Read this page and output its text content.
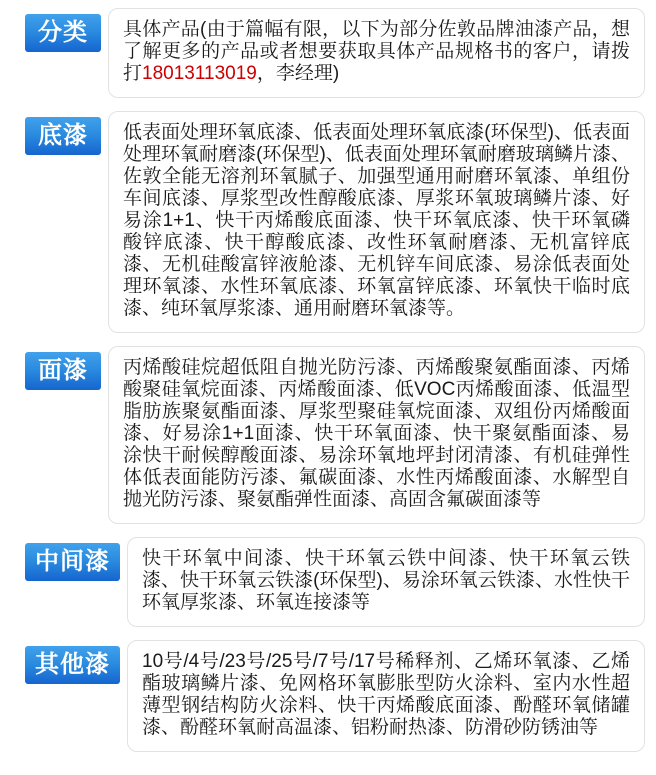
分类	具体产品(由于篇幅有限，以下为部分佐敦品牌油漆产品，想了解更多的产品或者想要获取具体产品规格书的客户，请拨打18013113019，李经理)
底漆	低表面处理环氧底漆、低表面处理环氧底漆(环保型)、低表面处理环氧耐磨漆(环保型)、低表面处理环氧耐磨玻璃鳞片漆、佐敦全能无溶剂环氧腻子、加强型通用耐磨环氧漆、单组份车间底漆、厚浆型改性醇酸底漆、厚浆环氧玻璃鳞片漆、好易涂1+1、快干丙烯酸底面漆、快干环氧底漆、快干环氧磷酸锌底漆、快干醇酸底漆、改性环氧耐磨漆、无机富锌底漆、无机硅酸富锌液舱漆、无机锌车间底漆、易涂低表面处理环氧漆、水性环氧底漆、环氧富锌底漆、环氧快干临时底漆、纯环氧厚浆漆、通用耐磨环氧漆等。
面漆	丙烯酸硅烷超低阻自抛光防污漆、丙烯酸聚氨酯面漆、丙烯酸聚硅氧烷面漆、丙烯酸面漆、低VOC丙烯酸面漆、低温型脂肪族聚氨酯面漆、厚浆型聚硅氧烷面漆、双组份丙烯酸面漆、好易涂1+1面漆、快干环氧面漆、快干聚氨酯面漆、易涂快干耐候醇酸面漆、易涂环氧地坪封闭清漆、有机硅弹性体低表面能防污漆、氟碳面漆、水性丙烯酸面漆、水解型自抛光防污漆、聚氨酯弹性面漆、高固含氟碳面漆等
中间漆	快干环氧中间漆、快干环氧云铁中间漆、快干环氧云铁漆、快干环氧云铁漆(环保型)、易涂环氧云铁漆、水性快干环氧厚浆漆、环氧连接漆等
其他漆	10号/4号/23号/25号/7号/17号稀释剂、乙烯环氧漆、乙烯酯玻璃鳞片漆、免网格环氧膨胀型防火涂料、室内水性超薄型钢结构防火涂料、快干丙烯酸底面漆、酚醛环氧储罐漆、酚醛环氧耐高温漆、铝粉耐热漆、防滑砂防锈油等
